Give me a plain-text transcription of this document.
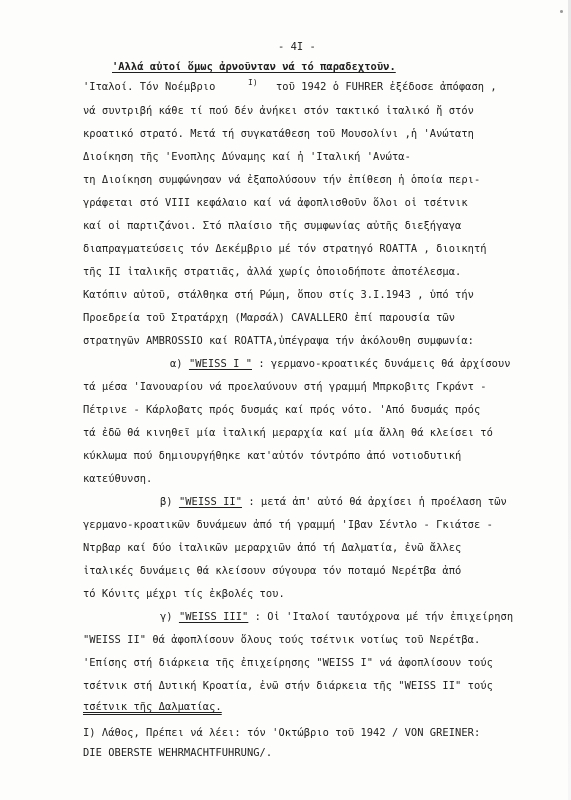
- 4I -
'Αλλά αὐτοί ὅμως ἀρνοῦνταν νά τό παραδεχτοῦν.
'Ιταλοί. Τόν Νοέμβριο	$^{I)}$ τοῦ 1942 ὁ FUHRER ἐξέδοσε ἀπόφαση ,
νά συντριβή κάθε τί πού δέν ἀνήκει στόν τακτικό ἰταλικό ἤ στόν
κροατικό στρατό. Μετά τή συγκατάθεση τοῦ Μουσολίνι ,ἡ 'Ανώτατη
Διοίκηση τῆς 'Ενοπλης Δύναμης καί ἡ 'Ιταλική 'Ανώτα-
τη Διοίκηση συμφώνησαν νά ἐξαπολύσουν τήν ἐπίθεση ἡ ὁποία περι-
γράφεται στό VIII κεφάλαιο καί νά ἀφοπλισθοῦν ὅλοι οἱ τσέτνικ
καί οἱ παρτιζάνοι. Στό πλαίσιο τῆς συμφωνίας αὐτῆς διεξήγαγα
διαπραγματεύσεις τόν Δεκέμβριο μέ τόν στρατηγό ROATTA , διοικητή
τῆς II ἰταλικῆς στρατιᾶς, ἀλλά χωρίς ὁποιοδήποτε ἀποτέλεσμα.
Κατόπιν αὐτοῦ, στάλθηκα στή Ρώμη, ὅπου στίς 3.I.1943 , ὑπό τήν
Προεδρεία τοῦ Στρατάρχη (Μαρσάλ) CAVALLERO ἐπί παρουσία τῶν
στρατηγῶν AMBROSSIO καί ROATTA,ὑπέγραψα τήν ἀκόλουθη συμφωνία:
α) "WEISS I " : γερμανο-κροατικές δυνάμεις θά ἀρχίσουν
τά μέσα 'Ιανουαρίου νά προελαύνουν στή γραμμή Μπρκοβιτς Γκράντ -
Πέτρινε - Κάρλοβατς πρός δυσμάς καί πρός νότο. 'Από δυσμάς πρός
τά ἐδῶ θά κινηθεῖ μία ἰταλική μεραρχία καί μία ἄλλη θά κλείσει τό
κύκλωμα πού δημιουργήθηκε κατ'αὐτόν τόντρόπο ἀπό νοτιοδυτική
κατεύθυνση.
β) "WEISS II" : μετά ἀπ' αὐτό θά ἀρχίσει ἡ προέλαση τῶν
γερμανο-κροατικῶν δυνάμεων ἀπό τή γραμμή 'Ιβαν Σέντλο - Γκιάτσε -
Ντρβαρ καί δύο ἰταλικῶν μεραρχιῶν ἀπό τή Δαλματία, ἐνῶ ἄλλες
ἰταλικές δυνάμεις θά κλείσουν σύγουρα τόν ποταμό Νερέτβα ἀπό
τό Κόνιτς μέχρι τίς ἐκβολές του.
γ) "WEISS III" : Οἱ 'Ιταλοί ταυτόχρονα μέ τήν ἐπιχείρηση
"WEISS II" θά ἀφοπλίσουν ὅλους τούς τσέτνικ νοτίως τοῦ Νερέτβα.
'Επίσης στή διάρκεια τῆς ἐπιχείρησης "WEISS I" νά ἀφοπλίσουν τούς
τσέτνικ στή Δυτική Κροατία, ἐνῶ στήν διάρκεια τῆς "WEISS II" τούς
τσέτνικ τῆς Δαλματίας.
I) Λάθος, Πρέπει νά λέει: τόν 'Οκτώβριο τοῦ 1942 / VON GREINER:
DIE OBERSTE WEHRMACHTFUHRUNG/.
